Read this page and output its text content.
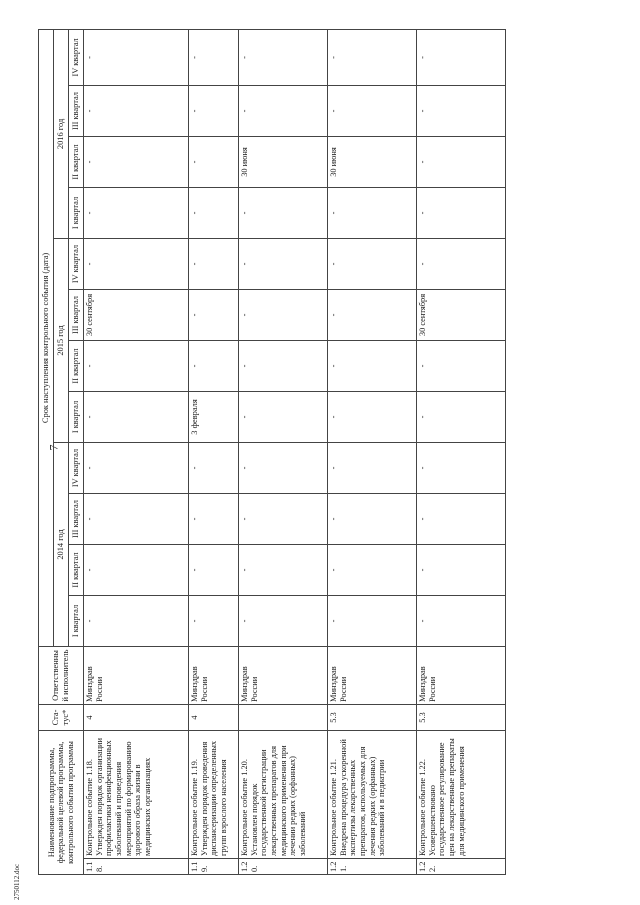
7
2750112.doc
Наименование подпрограммы, федеральной целевой программы, контрольного события программы		Ста-тус*	Ответственный исполнитель	Срок наступления контрольного события (дата)											
				2014 год				2015 год				2016 год			
				I квартал	II квартал	III квартал	IV квартал	I квартал	II квартал	III квартал	IV квартал	I квартал	II квартал	III квартал	IV квартал
1.18.	Контрольное событие 1.18. Утвержден порядок организации профилактики неинфекционных заболеваний и проведения мероприятий по формированию здорового образа жизни в медицинских организациях	4	Минздрав России	-	-	-	-	-	-	30 сентября	-	-	-	-	-
1.19.	Контрольное событие 1.19. Утвержден порядок проведения диспансеризации определенных групп взрослого населения	4	Минздрав России	-	-	-	-	3 февраля	-	-	-	-	-	-	-
1.20.	Контрольное событие 1.20. Установлен порядок государственной регистрации лекарственных препаратов для медицинского применения при лечении редких (орфанных) заболеваний		Минздрав России	-	-	-	-	-	-	-	-	-	30 июня	-	-
1.21.	Контрольное событие 1.21. Внедрена процедура ускоренной экспертизы лекарственных препаратов, используемых для лечения редких (орфанных) заболеваний и в педиатрии	5.3	Минздрав России	-	-	-	-	-	-	-	-	-	30 июня	-	-
1.22.	Контрольное событие 1.22. Усовершенствовано государственное регулирование цен на лекарственные препараты для медицинского применения	5.3	Минздрав России	-	-	-	-	-	-	30 сентября	-	-	-	-	-
